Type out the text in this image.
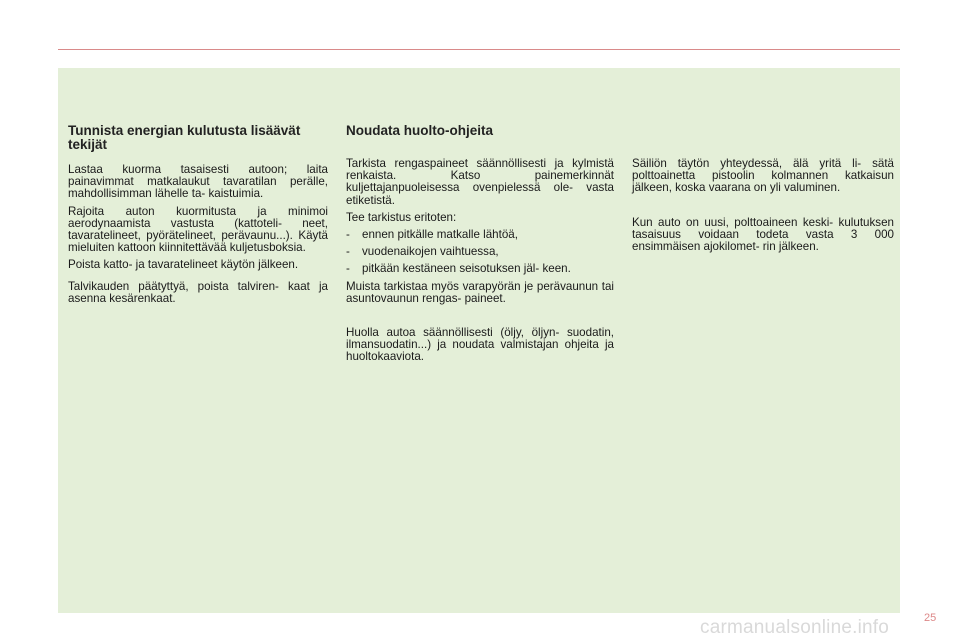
Tunnista energian kulutusta lisäävät tekijät

Lastaa kuorma tasaisesti autoon; laita painavimmat matkalaukut tavaratilan perälle, mahdollisimman lähelle ta- kaistuimia.

Rajoita auton kuormitusta ja minimoi aerodynaamista vastusta (kattoteli- neet, tavaratelineet, pyörätelineet, perävaunu...). Käytä mieluiten kattoon kiinnitettävää kuljetusboksia.

Poista katto- ja tavaratelineet käytön jälkeen.

Talvikauden päätyttyä, poista talviren- kaat ja asenna kesärenkaat.

Noudata huolto-ohjeita

Tarkista rengaspaineet säännöllisesti ja kylmistä renkaista. Katso painemerkinnät kuljettajanpuoleisessa ovenpielessä ole- vasta etiketistä.

Tee tarkistus eritoten:

- ennen pitkälle matkalle lähtöä,
- vuodenaikojen vaihtuessa,
- pitkään kestäneen seisotuksen jäl- keen.

Muista tarkistaa myös varapyörän je perävaunun tai asuntovaunun rengas- paineet.

Huolla autoa säännöllisesti (öljy, öljyn- suodatin, ilmansuodatin...) ja noudata valmistajan ohjeita ja huoltokaaviota.

Säiliön täytön yhteydessä, älä yritä li- sätä polttoainetta pistoolin kolmannen katkaisun jälkeen, koska vaarana on yli valuminen.

Kun auto on uusi, polttoaineen keski- kulutuksen tasaisuus voidaan todeta vasta 3 000 ensimmäisen ajokilomet- rin jälkeen.

carmanualsonline.info	25
